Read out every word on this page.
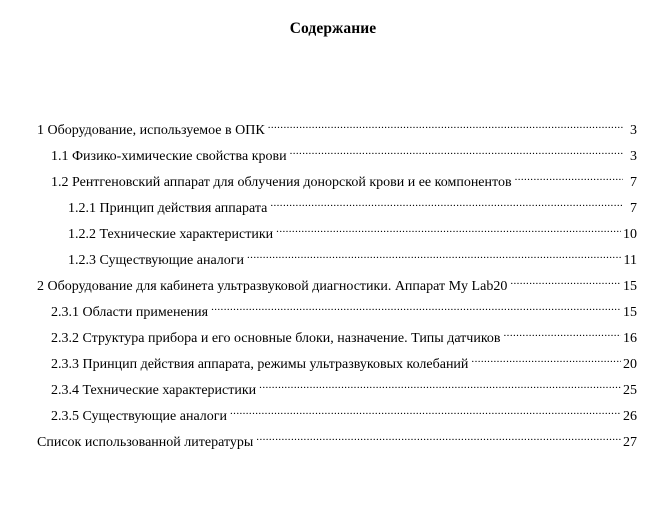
Содержание
1 Оборудование, используемое в ОПК .....	3
1.1 Физико-химические свойства крови .....	3
1.2 Рентгеновский аппарат для облучения донорской крови и ее компонентов .....	7
1.2.1 Принцип действия аппарата .....	7
1.2.2 Технические характеристики .....	10
1.2.3 Существующие аналоги .....	11
2 Оборудование для кабинета ультразвуковой диагностики. Аппарат My Lab20 .....	15
2.3.1 Области применения .....	15
2.3.2 Структура прибора и его основные блоки, назначение. Типы датчиков .....	16
2.3.3 Принцип действия аппарата, режимы ультразвуковых колебаний .....	20
2.3.4 Технические характеристики .....	25
2.3.5 Существующие аналоги .....	26
Список использованной литературы .....	27
